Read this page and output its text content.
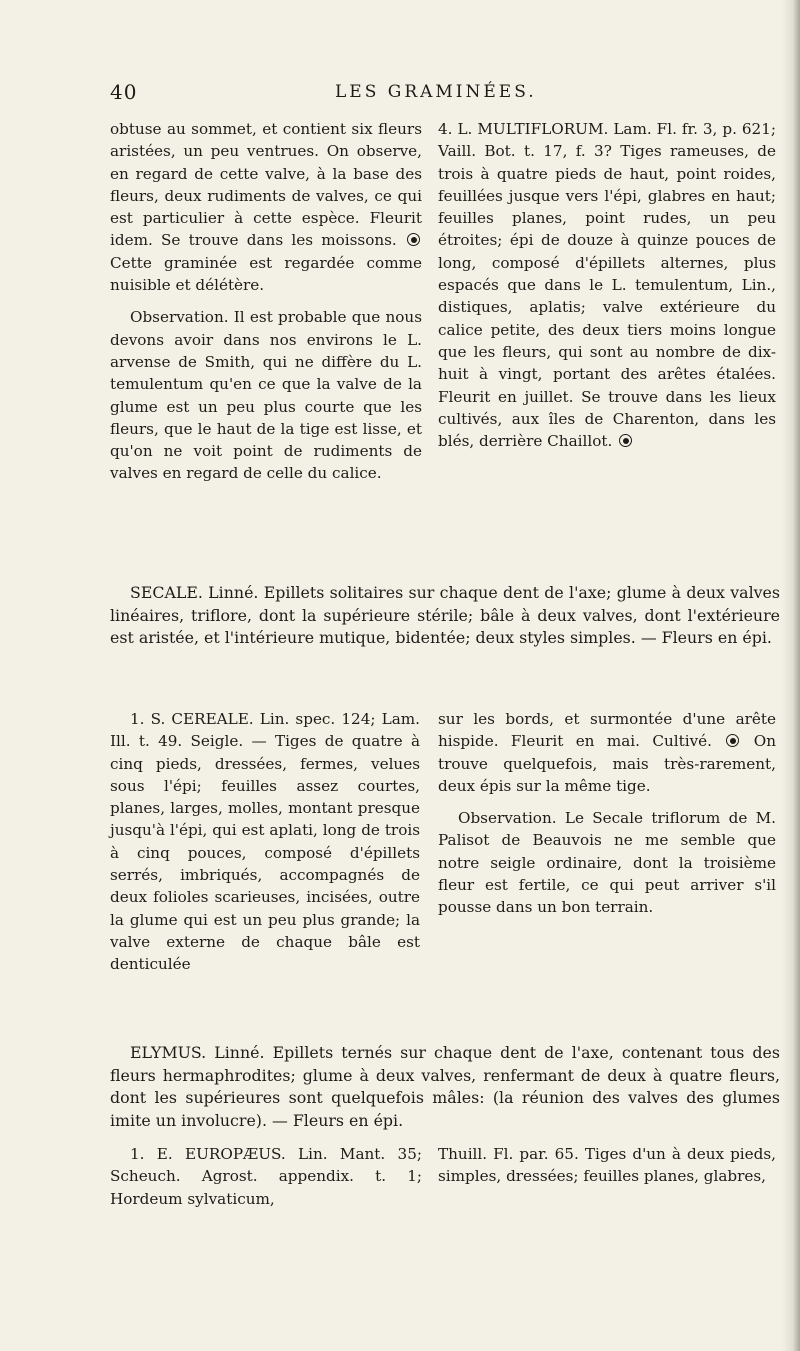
40	LES GRAMINÉES.

obtuse au sommet, et contient six fleurs aristées, un peu ventrues. On observe, en regard de cette valve, à la base des fleurs, deux rudiments de valves, ce qui est particulier à cette espèce. Fleurit idem. Se trouve dans les moissons.  Cette graminée est regardée comme nuisible et délétère.

Observation. Il est probable que nous devons avoir dans nos environs le L. arvense de Smith, qui ne diffère du L. temulentum qu'en ce que la valve de la glume est un peu plus courte que les fleurs, que le haut de la tige est lisse, et qu'on ne voit point de rudiments de valves en regard de celle du calice.

4. L. MULTIFLORUM. Lam. Fl. fr. 3, p. 621; Vaill. Bot. t. 17, f. 3? Tiges rameuses, de trois à quatre pieds de haut, point roides, feuillées jusque vers l'épi, glabres en haut; feuilles planes, point rudes, un peu étroites; épi de douze à quinze pouces de long, composé d'épillets alternes, plus espacés que dans le L. temulentum, Lin., distiques, aplatis; valve extérieure du calice petite, des deux tiers moins longue que les fleurs, qui sont au nombre de dix-huit à vingt, portant des arêtes étalées. Fleurit en juillet. Se trouve dans les lieux cultivés, aux îles de Charenton, dans les blés, derrière Chaillot.

SECALE. Linné. Epillets solitaires sur chaque dent de l'axe; glume à deux valves linéaires, triflore, dont la supérieure stérile; bâle à deux valves, dont l'extérieure est aristée, et l'intérieure mutique, bidentée; deux styles simples. — Fleurs en épi.

1. S. CEREALE. Lin. spec. 124; Lam. Ill. t. 49. Seigle. — Tiges de quatre à cinq pieds, dressées, fermes, velues sous l'épi; feuilles assez courtes, planes, larges, molles, montant presque jusqu'à l'épi, qui est aplati, long de trois à cinq pouces, composé d'épillets serrés, imbriqués, accompagnés de deux folioles scarieuses, incisées, outre la glume qui est un peu plus grande; la valve externe de chaque bâle est denticulée

sur les bords, et surmontée d'une arête hispide. Fleurit en mai. Cultivé.	On trouve quelquefois, mais très-rarement, deux épis sur la même tige.

Observation. Le Secale triflorum de M. Palisot de Beauvois ne me semble que notre seigle ordinaire, dont la troisième fleur est fertile, ce qui peut arriver s'il pousse dans un bon terrain.

ELYMUS. Linné. Epillets ternés sur chaque dent de l'axe, contenant tous des fleurs hermaphrodites; glume à deux valves, renfermant de deux à quatre fleurs, dont les supérieures sont quelquefois mâles: (la réunion des valves des glumes imite un involucre). — Fleurs en épi.

1. E. EUROPÆUS. Lin. Mant. 35; Scheuch. Agrost. appendix. t. 1; Hordeum sylvaticum,

Thuill. Fl. par. 65. Tiges d'un à deux pieds, simples, dressées; feuilles planes, glabres,
